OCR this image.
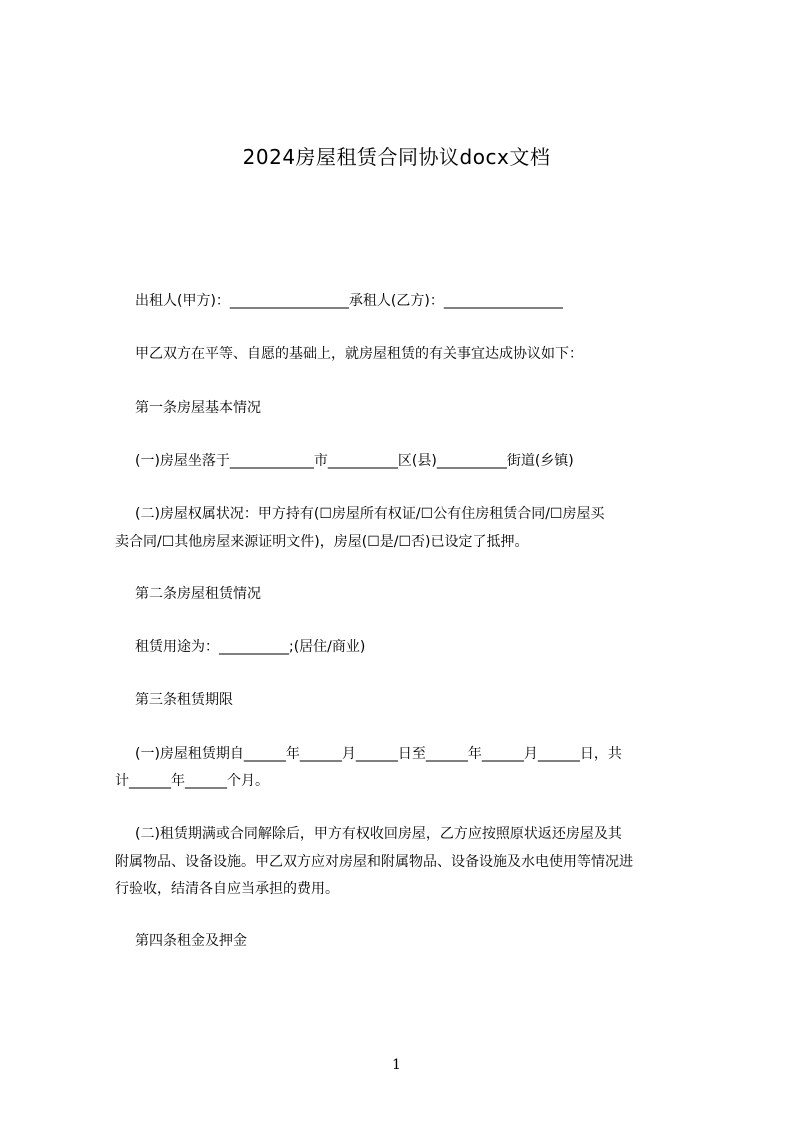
2024房屋租赁合同协议docx文档
出租人(甲方)：_________________承租人(乙方)：_________________
甲乙双方在平等、自愿的基础上，就房屋租赁的有关事宜达成协议如下：
第一条房屋基本情况
(一)房屋坐落于____________市__________区(县)__________街道(乡镇)
(二)房屋权属状况：甲方持有(☐房屋所有权证/☐公有住房租赁合同/☐房屋买
卖合同/☐其他房屋来源证明文件)，房屋(☐是/☐否)已设定了抵押。
第二条房屋租赁情况
租赁用途为：__________;(居住/商业)
第三条租赁期限
(一)房屋租赁期自______年______月______日至______年______月______日，共
计______年______个月。
(二)租赁期满或合同解除后，甲方有权收回房屋，乙方应按照原状返还房屋及其
附属物品、设备设施。甲乙双方应对房屋和附属物品、设备设施及水电使用等情况进
行验收，结清各自应当承担的费用。
第四条租金及押金
1
